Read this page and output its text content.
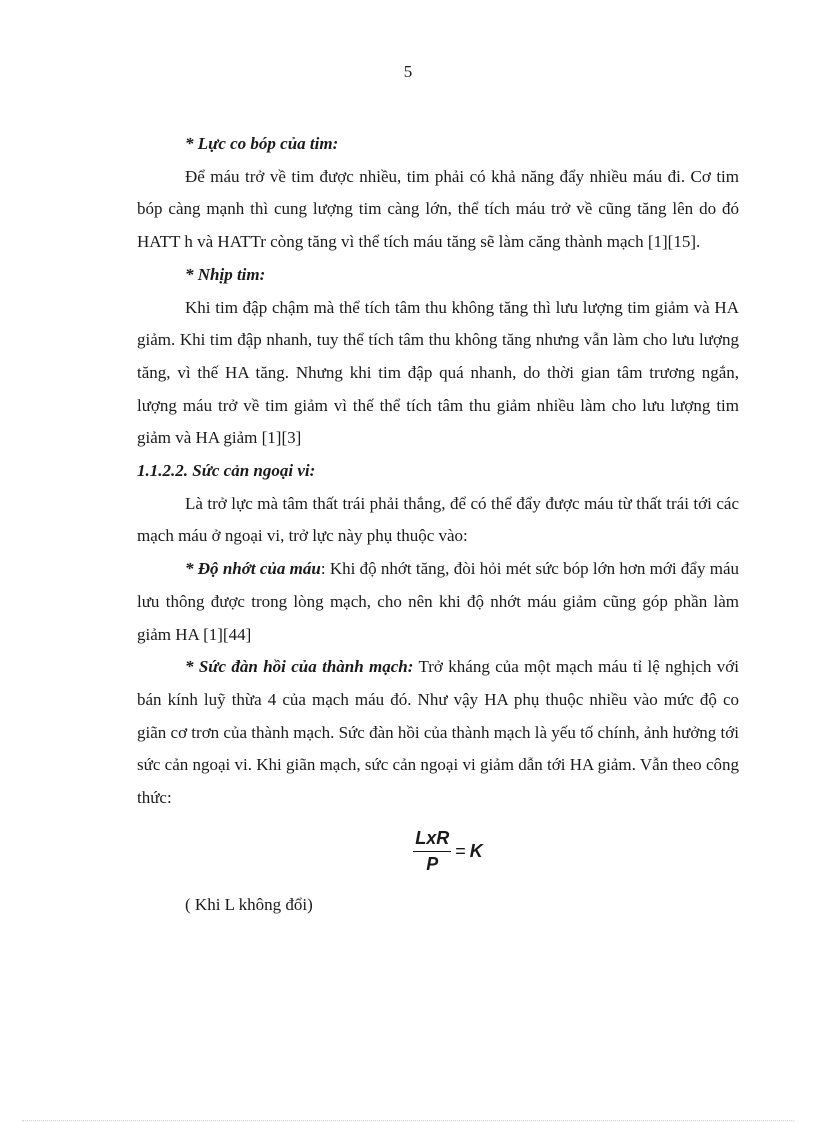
5

* Lực co bóp của tim:

Để máu trở về tim được nhiều, tim phải có khả năng đẩy nhiều máu đi. Cơ tim bóp càng mạnh thì cung lượng tim càng lớn, thể tích máu trở về cũng tăng lên do đó HATT h và HATTr còng tăng vì thể tích máu tăng sẽ làm căng thành mạch [1][15].

* Nhịp tim:

Khi tim đập chậm mà thể tích tâm thu không tăng thì lưu lượng tim giảm và HA giảm. Khi tim đập nhanh, tuy thể tích tâm thu không tăng nhưng vẫn làm cho lưu lượng tăng, vì thế HA tăng. Nhưng khi tim đập quá nhanh, do thời gian tâm trương ngắn, lượng máu trở về tim giảm vì thế thể tích tâm thu giảm nhiều làm cho lưu lượng tim giảm và HA giảm [1][3]

1.1.2.2. Sức cản ngoại vi:

Là trở lực mà tâm thất trái phải thắng, để có thể đẩy được máu từ thất trái tới các mạch máu ở ngoại vi, trở lực này phụ thuộc vào:

* Độ nhớt của máu: Khi độ nhớt tăng, đòi hỏi mét sức bóp lớn hơn mới đẩy máu lưu thông được trong lòng mạch, cho nên khi độ nhớt máu giảm cũng góp phần làm giảm HA [1][44]

* Sức đàn hồi của thành mạch: Trở kháng của một mạch máu tỉ lệ nghịch với bán kính luỹ thừa 4 của mạch máu đó. Như vậy HA phụ thuộc nhiều vào mức độ co giãn cơ trơn của thành mạch. Sức đàn hồi của thành mạch là yếu tố chính, ảnh hưởng tới sức cản ngoại vi. Khi giãn mạch, sức cản ngoại vi giảm dẫn tới HA giảm. Vẫn theo công thức:

$\frac{\text{LxR}}{P} = K$

( Khi L không đổi)
